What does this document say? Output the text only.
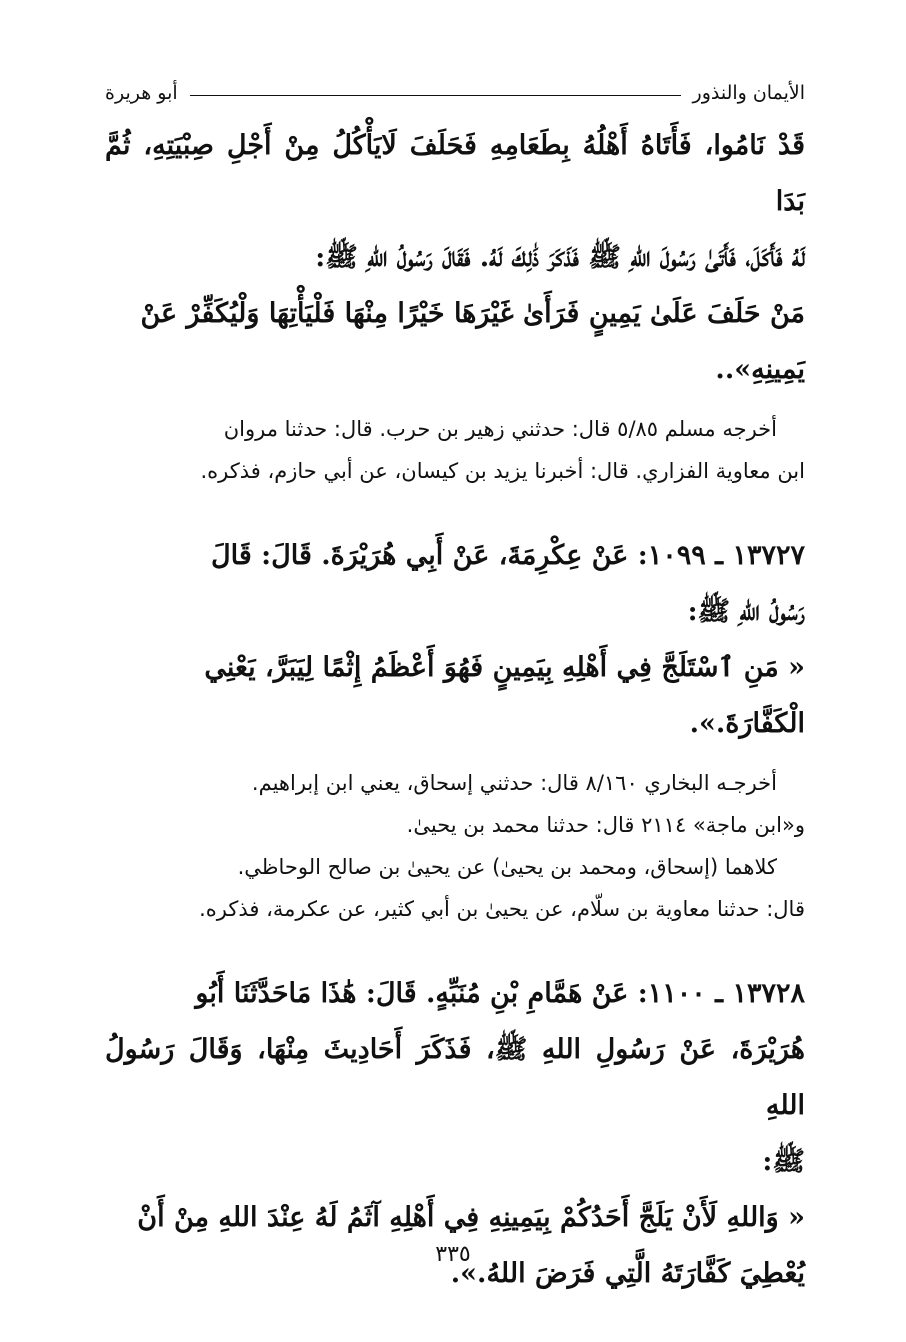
الأيمان والنذور
أبو هريرة

قَدْ نَامُوا، فَأَتَاهُ أَهْلُهُ بِطَعَامِهِ فَحَلَفَ لَايَأْكُلُ مِنْ أَجْلِ صِبْيَتِهِ، ثُمَّ بَدَا

لَهُ فَأَكَلَ، فَأَتَىٰ رَسُولَ اللهِ ﷺ فَذَكَرَ ذَٰلِكَ لَهُ. فَقَالَ رَسُولُ اللهِ ﷺ:

مَنْ حَلَفَ عَلَىٰ يَمِينٍ فَرَأَىٰ غَيْرَهَا خَيْرًا مِنْهَا فَلْيَأْتِهَا وَلْيُكَفِّرْ عَنْ

يَمِينِهِ»..

أخرجه مسلم ٥/٨٥ قال: حدثني زهير بن حرب. قال: حدثنا مروان

ابن معاوية الفزاري. قال: أخبرنا يزيد بن كيسان، عن أبي حازم، فذكره.

١٣٧٢٧ ـ ١٠٩٩: عَنْ عِكْرِمَةَ، عَنْ أَبِي هُرَيْرَةَ. قَالَ: قَالَ

رَسُولُ اللهِ ﷺ:

« مَنِ ٱسْتَلَجَّ فِي أَهْلِهِ بِيَمِينٍ فَهُوَ أَعْظَمُ إِثْمًا لِيَبَرَّ، يَعْنِي

الْكَفَّارَةَ.».

أخرجـه البخاري ٨/١٦٠ قال: حدثني إسحاق، يعني ابن إبراهيم.

و«ابن ماجة» ٢١١٤ قال: حدثنا محمد بن يحيىٰ.

كلاهما (إسحاق، ومحمد بن يحيىٰ) عن يحيىٰ بن صالح الوحاظي.

قال: حدثنا معاوية بن سلّام، عن يحيىٰ بن أبي كثير، عن عكرمة، فذكره.

١٣٧٢٨ ـ ١١٠٠: عَنْ هَمَّامِ بْنِ مُنَبِّهٍ. قَالَ: هَٰذَا مَاحَدَّثَنَا أَبُو

هُرَيْرَةَ، عَنْ رَسُولِ اللهِ ﷺ، فَذَكَرَ أَحَادِيثَ مِنْهَا، وَقَالَ رَسُولُ اللهِ

ﷺ:

« وَاللهِ لَأَنْ يَلَجَّ أَحَدُكُمْ بِيَمِينِهِ فِي أَهْلِهِ آثَمُ لَهُ عِنْدَ اللهِ مِنْ أَنْ

يُعْطِيَ كَفَّارَتَهُ الَّتِي فَرَضَ اللهُ.».

٣٣٥
